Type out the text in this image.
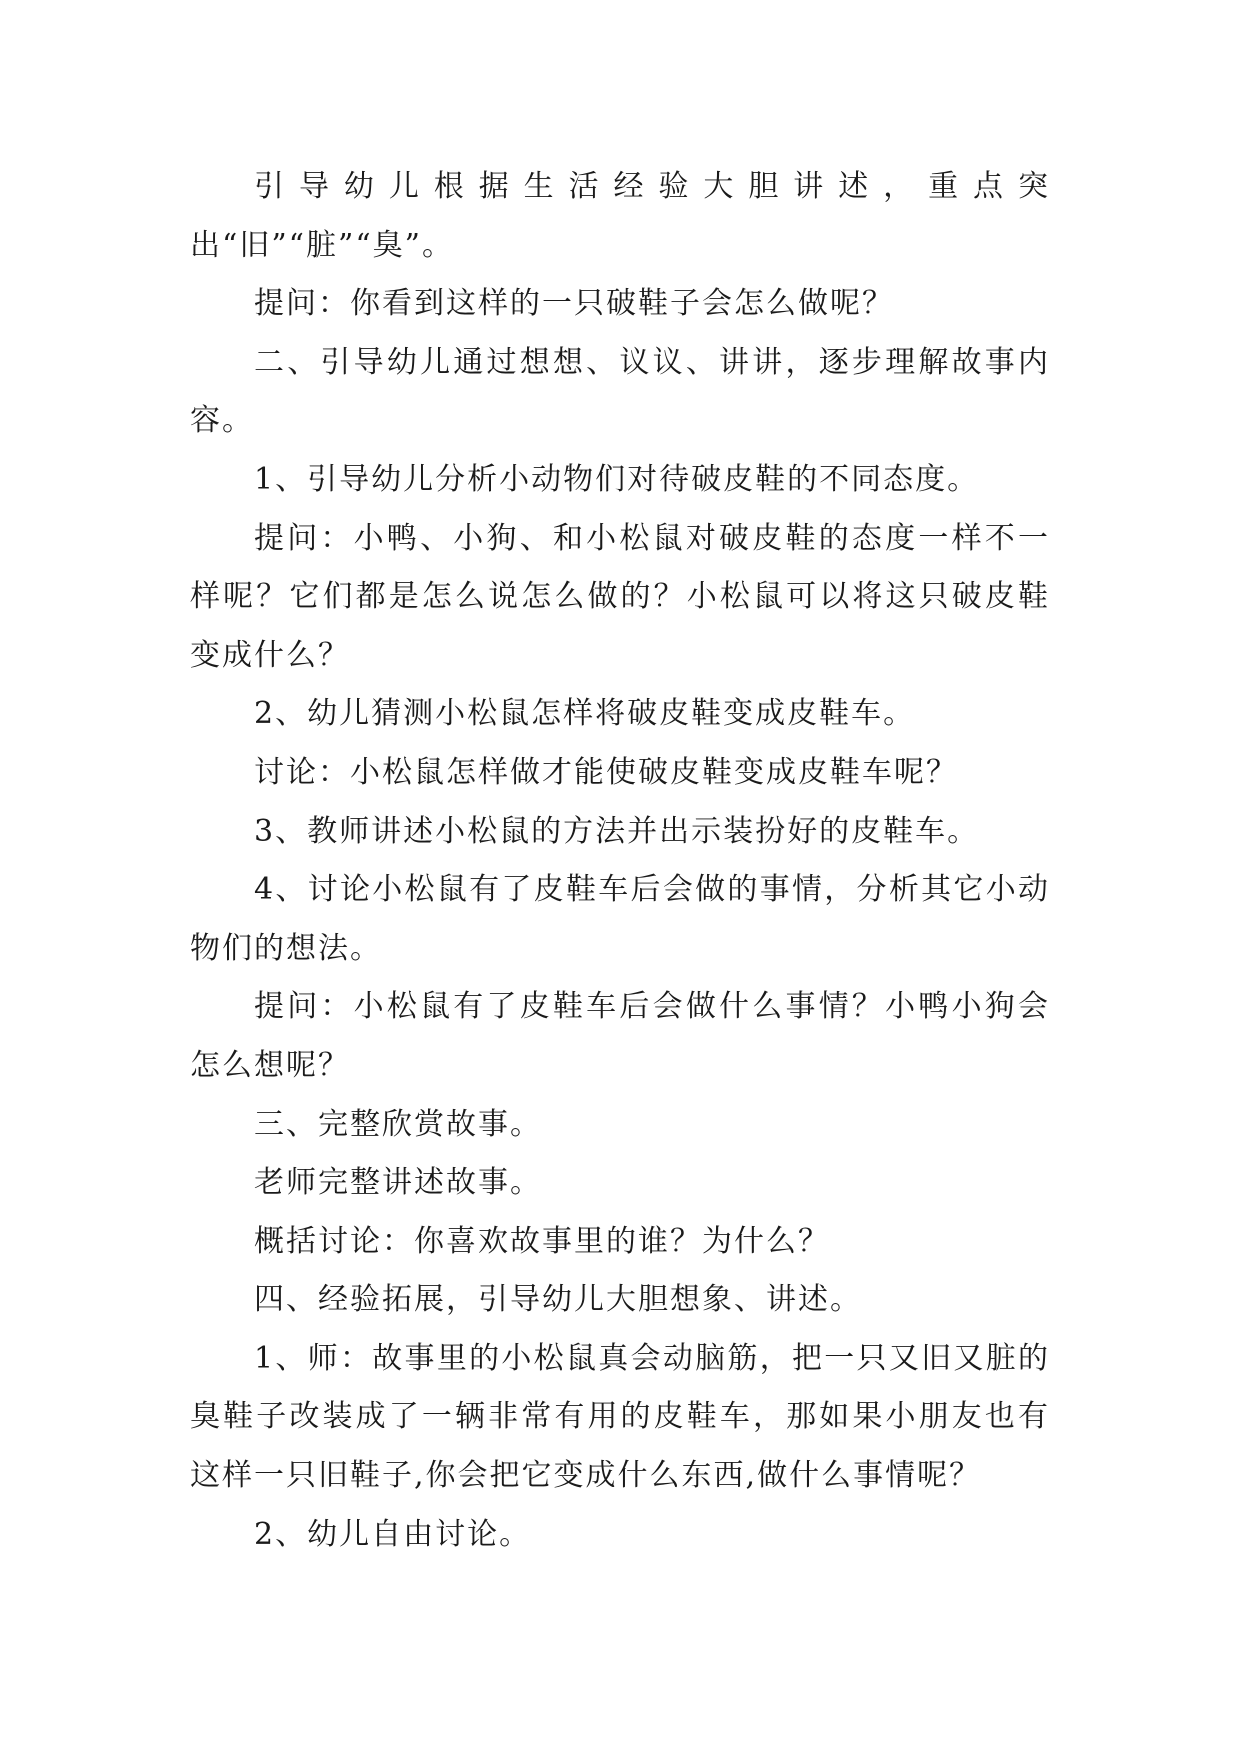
引导幼儿根据生活经验大胆讲述，重点突出“旧”“脏”“臭”。

提问：你看到这样的一只破鞋子会怎么做呢？

二、引导幼儿通过想想、议议、讲讲，逐步理解故事内容。

1、引导幼儿分析小动物们对待破皮鞋的不同态度。

提问：小鸭、小狗、和小松鼠对破皮鞋的态度一样不一样呢？它们都是怎么说怎么做的？小松鼠可以将这只破皮鞋变成什么？

2、幼儿猜测小松鼠怎样将破皮鞋变成皮鞋车。

讨论：小松鼠怎样做才能使破皮鞋变成皮鞋车呢？

3、教师讲述小松鼠的方法并出示装扮好的皮鞋车。

4、讨论小松鼠有了皮鞋车后会做的事情，分析其它小动物们的想法。

提问：小松鼠有了皮鞋车后会做什么事情？小鸭小狗会怎么想呢？

三、完整欣赏故事。

老师完整讲述故事。

概括讨论：你喜欢故事里的谁？为什么？

四、经验拓展，引导幼儿大胆想象、讲述。

1、师：故事里的小松鼠真会动脑筋，把一只又旧又脏的臭鞋子改装成了一辆非常有用的皮鞋车，那如果小朋友也有这样一只旧鞋子,你会把它变成什么东西,做什么事情呢？

2、幼儿自由讨论。
